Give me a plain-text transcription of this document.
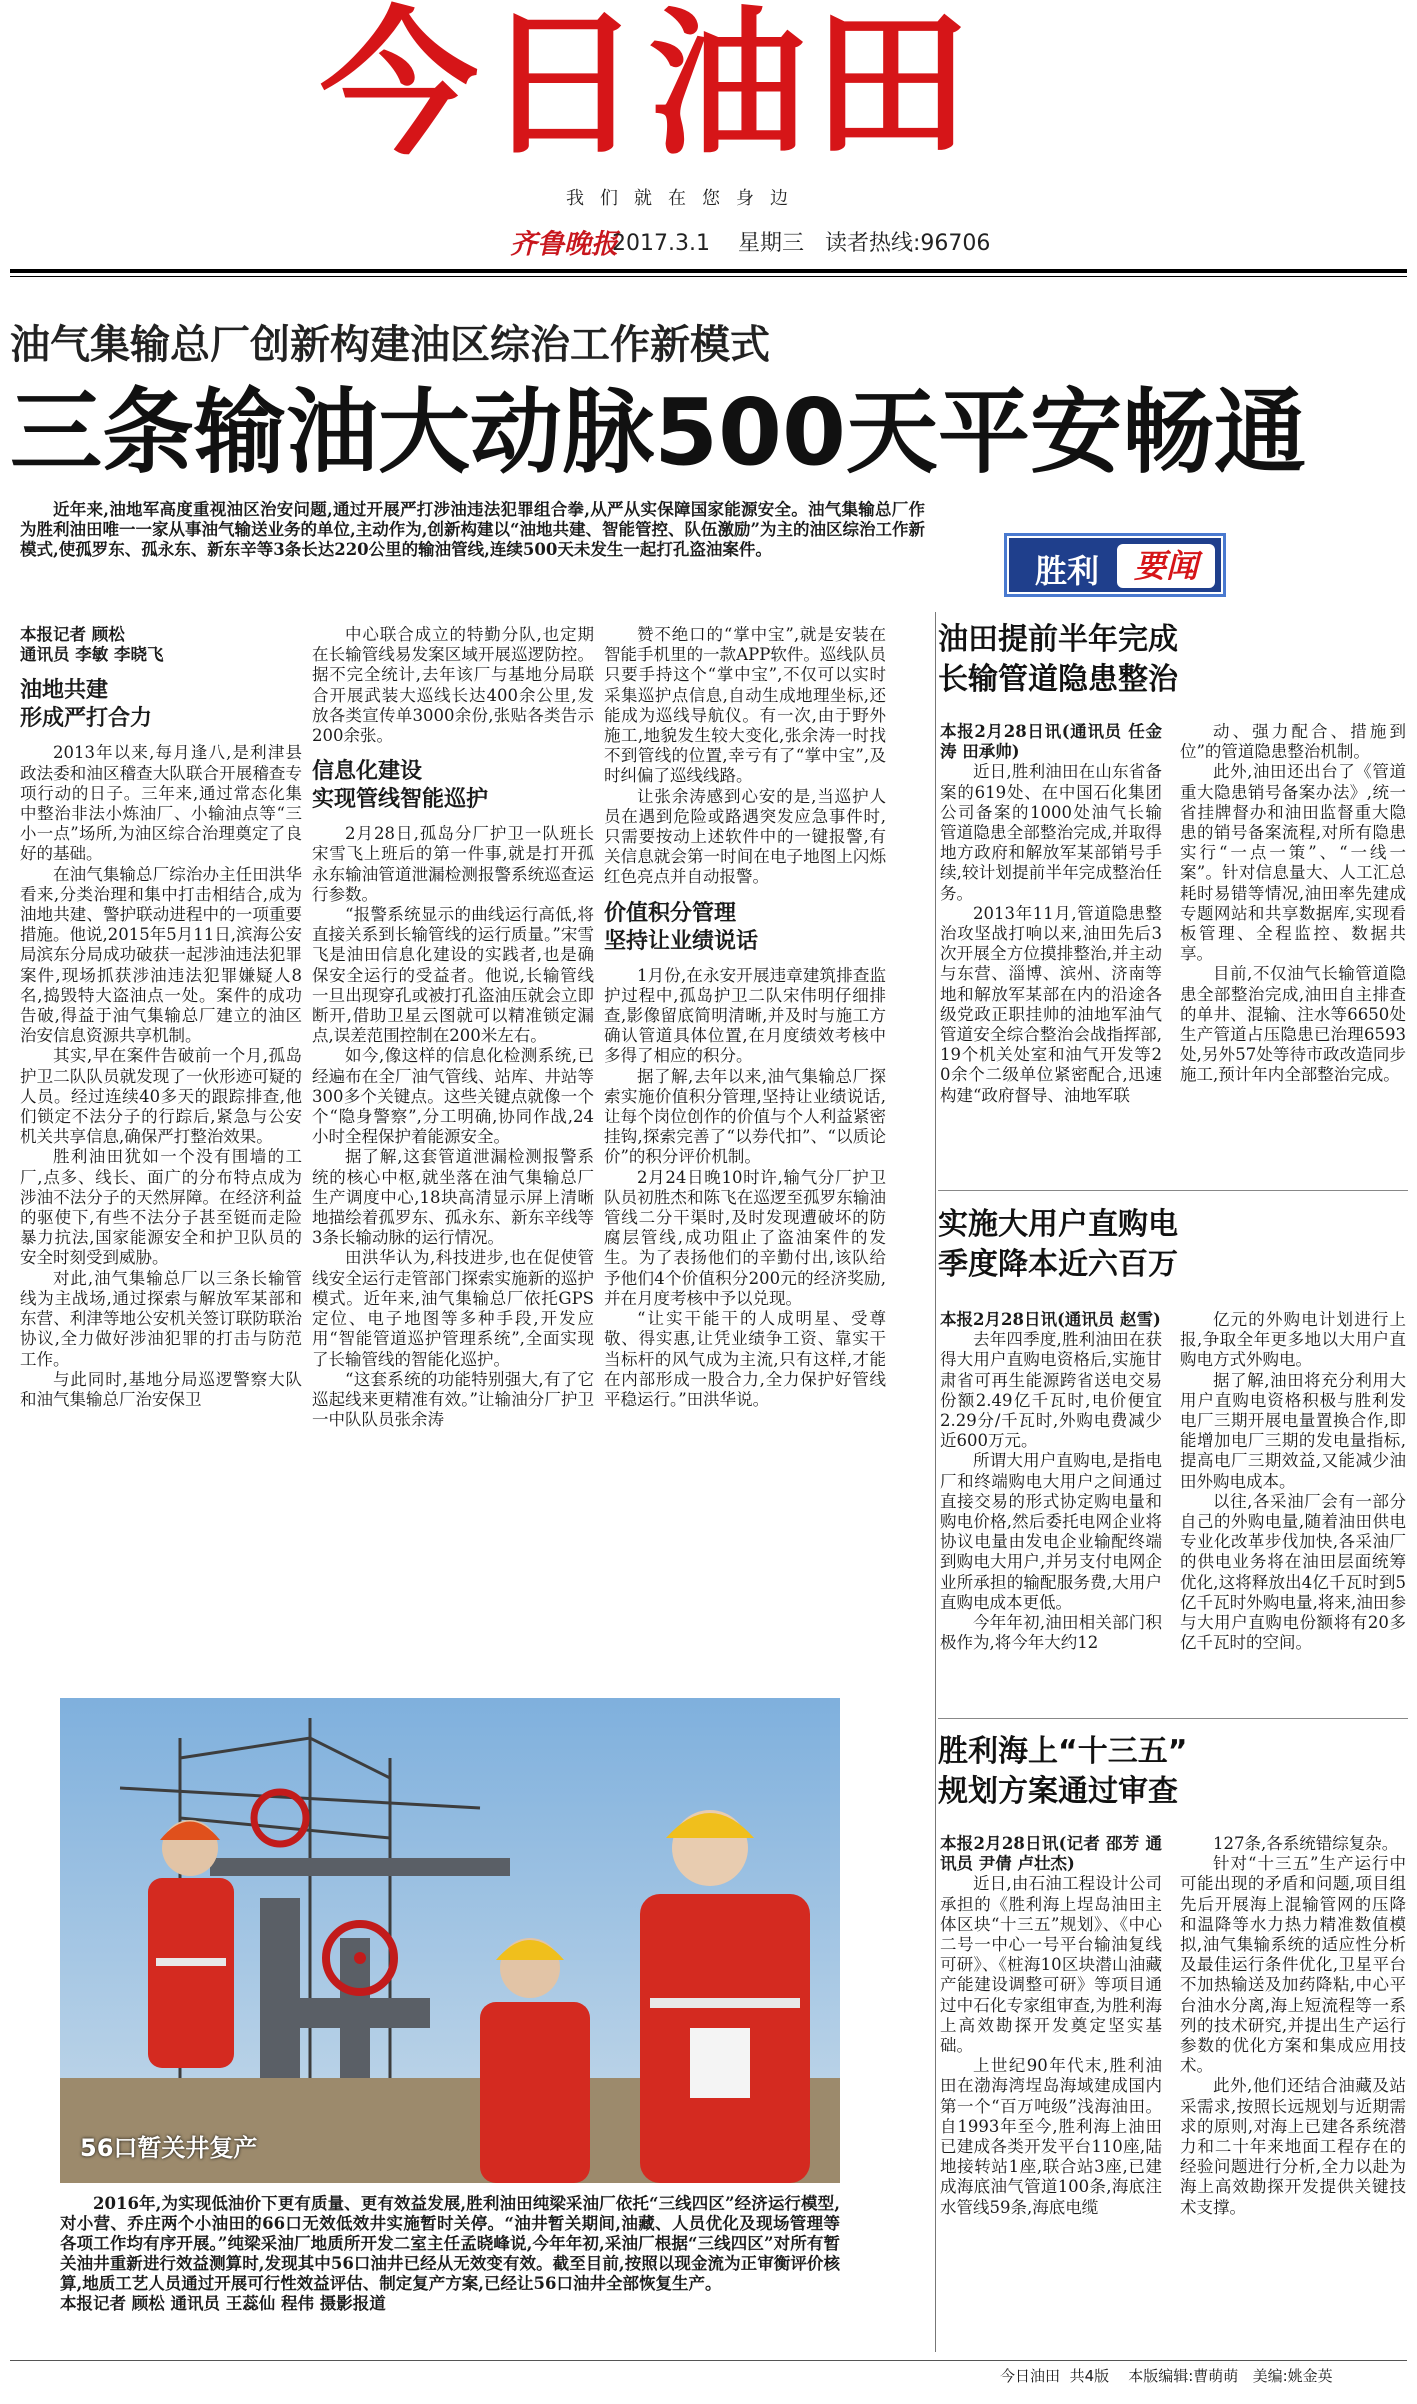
今日油田
我们就在您身边
齐鲁晚报
2017.3.1 星期三 读者热线:96706
油气集输总厂创新构建油区综治工作新模式
三条输油大动脉500天平安畅通
近年来,油地军高度重视油区治安问题,通过开展严打涉油违法犯罪组合拳,从严从实保障国家能源安全。油气集输总厂作为胜利油田唯一一家从事油气输送业务的单位,主动作为,创新构建以“油地共建、智能管控、队伍激励”为主的油区综治工作新模式,使孤罗东、孤永东、新东辛等3条长达220公里的输油管线,连续500天未发生一起打孔盗油案件。
胜利	要闻

本报记者 顾松

通讯员 李敏 李晓飞

油地共建
形成严打合力

2013年以来,每月逢八,是利津县政法委和油区稽查大队联合开展稽查专项行动的日子。三年来,通过常态化集中整治非法小炼油厂、小输油点等“三小一点”场所,为油区综合治理奠定了良好的基础。

在油气集输总厂综治办主任田洪华看来,分类治理和集中打击相结合,成为油地共建、警护联动进程中的一项重要措施。他说,2015年5月11日,滨海公安局滨东分局成功破获一起涉油违法犯罪案件,现场抓获涉油违法犯罪嫌疑人8名,捣毁特大盗油点一处。案件的成功告破,得益于油气集输总厂建立的油区治安信息资源共享机制。

其实,早在案件告破前一个月,孤岛护卫二队队员就发现了一伙形迹可疑的人员。经过连续40多天的跟踪排查,他们锁定不法分子的行踪后,紧急与公安机关共享信息,确保严打整治效果。

胜利油田犹如一个没有围墙的工厂,点多、线长、面广的分布特点成为涉油不法分子的天然屏障。在经济利益的驱使下,有些不法分子甚至铤而走险暴力抗法,国家能源安全和护卫队员的安全时刻受到威胁。

对此,油气集输总厂以三条长输管线为主战场,通过探索与解放军某部和东营、利津等地公安机关签订联防联治协议,全力做好涉油犯罪的打击与防范工作。

与此同时,基地分局巡逻警察大队和油气集输总厂治安保卫

中心联合成立的特勤分队,也定期在长输管线易发案区域开展巡逻防控。据不完全统计,去年该厂与基地分局联合开展武装大巡线长达400余公里,发放各类宣传单3000余份,张贴各类告示200余张。

信息化建设
实现管线智能巡护

2月28日,孤岛分厂护卫一队班长宋雪飞上班后的第一件事,就是打开孤永东输油管道泄漏检测报警系统巡查运行参数。

“报警系统显示的曲线运行高低,将直接关系到长输管线的运行质量。”宋雪飞是油田信息化建设的实践者,也是确保安全运行的受益者。他说,长输管线一旦出现穿孔或被打孔盗油压就会立即断开,借助卫星云图就可以精准锁定漏点,误差范围控制在200米左右。

如今,像这样的信息化检测系统,已经遍布在全厂油气管线、站库、井站等300多个关键点。这些关键点就像一个个“隐身警察”,分工明确,协同作战,24小时全程保护着能源安全。

据了解,这套管道泄漏检测报警系统的核心中枢,就坐落在油气集输总厂生产调度中心,18块高清显示屏上清晰地描绘着孤罗东、孤永东、新东辛线等3条长输动脉的运行情况。

田洪华认为,科技进步,也在促使管线安全运行走管部门探索实施新的巡护模式。近年来,油气集输总厂依托GPS定位、电子地图等多种手段,开发应用“智能管道巡护管理系统”,全面实现了长输管线的智能化巡护。

“这套系统的功能特别强大,有了它巡起线来更精准有效。”让输油分厂护卫一中队队员张余涛

赞不绝口的“掌中宝”,就是安装在智能手机里的一款APP软件。巡线队员只要手持这个“掌中宝”,不仅可以实时采集巡护点信息,自动生成地理坐标,还能成为巡线导航仪。有一次,由于野外施工,地貌发生较大变化,张余涛一时找不到管线的位置,幸亏有了“掌中宝”,及时纠偏了巡线线路。

让张余涛感到心安的是,当巡护人员在遇到危险或路遇突发应急事件时,只需要按动上述软件中的一键报警,有关信息就会第一时间在电子地图上闪烁红色亮点并自动报警。

价值积分管理
坚持让业绩说话

1月份,在永安开展违章建筑排查监护过程中,孤岛护卫二队宋伟明仔细排查,影像留底简明清晰,并及时与施工方确认管道具体位置,在月度绩效考核中多得了相应的积分。

据了解,去年以来,油气集输总厂探索实施价值积分管理,坚持让业绩说话,让每个岗位创作的价值与个人利益紧密挂钩,探索完善了“以券代扣”、“以质论价”的积分评价机制。

2月24日晚10时许,输气分厂护卫队员初胜杰和陈飞在巡逻至孤罗东输油管线二分干渠时,及时发现遭破坏的防腐层管线,成功阻止了盗油案件的发生。为了表扬他们的辛勤付出,该队给予他们4个价值积分200元的经济奖励,并在月度考核中予以兑现。

“让实干能干的人成明星、受尊敬、得实惠,让凭业绩争工资、靠实干当标杆的风气成为主流,只有这样,才能在内部形成一股合力,全力保护好管线平稳运行。”田洪华说。

油田提前半年完成
长输管道隐患整治

本报2月28日讯(通讯员 任金涛 田承帅)

近日,胜利油田在山东省备案的619处、在中国石化集团公司备案的1000处油气长输管道隐患全部整治完成,并取得地方政府和解放军某部销号手续,较计划提前半年完成整治任务。

2013年11月,管道隐患整治攻坚战打响以来,油田先后3次开展全方位摸排整治,并主动与东营、淄博、滨州、济南等地和解放军某部在内的沿途各级党政正职挂帅的油地军油气管道安全综合整治会战指挥部,19个机关处室和油气开发等20余个二级单位紧密配合,迅速构建“政府督导、油地军联

动、强力配合、措施到位”的管道隐患整治机制。

此外,油田还出台了《管道重大隐患销号备案办法》,统一省挂牌督办和油田监督重大隐患的销号备案流程,对所有隐患实行“一点一策”、“一线一案”。针对信息量大、人工汇总耗时易错等情况,油田率先建成专题网站和共享数据库,实现看板管理、全程监控、数据共享。

目前,不仅油气长输管道隐患全部整治完成,油田自主排查的单井、混输、注水等6650处生产管道占压隐患已治理6593处,另外57处等待市政改造同步施工,预计年内全部整治完成。

实施大用户直购电
季度降本近六百万

本报2月28日讯(通讯员 赵雪)

去年四季度,胜利油田在获得大用户直购电资格后,实施甘肃省可再生能源跨省送电交易份额2.49亿千瓦时,电价便宜2.29分/千瓦时,外购电费减少近600万元。

所谓大用户直购电,是指电厂和终端购电大用户之间通过直接交易的形式协定购电量和购电价格,然后委托电网企业将协议电量由发电企业输配终端到购电大用户,并另支付电网企业所承担的输配服务费,大用户直购电成本更低。

今年年初,油田相关部门积极作为,将今年大约12

亿元的外购电计划进行上报,争取全年更多地以大用户直购电方式外购电。

据了解,油田将充分利用大用户直购电资格积极与胜利发电厂三期开展电量置换合作,即能增加电厂三期的发电量指标,提高电厂三期效益,又能减少油田外购电成本。

以往,各采油厂会有一部分自己的外购电量,随着油田供电专业化改革步伐加快,各采油厂的供电业务将在油田层面统筹优化,这将释放出4亿千瓦时到5亿千瓦时外购电量,将来,油田参与大用户直购电份额将有20多亿千瓦时的空间。

胜利海上“十三五”
规划方案通过审查

本报2月28日讯(记者 邵芳 通讯员 尹倩 卢壮杰)

近日,由石油工程设计公司承担的《胜利海上埕岛油田主体区块“十三五”规划》、《中心二号一中心一号平台输油复线可研》、《桩海10区块潜山油藏产能建设调整可研》等项目通过中石化专家组审查,为胜利海上高效勘探开发奠定坚实基础。

上世纪90年代末,胜利油田在渤海湾埕岛海域建成国内第一个“百万吨级”浅海油田。自1993年至今,胜利海上油田已建成各类开发平台110座,陆地接转站1座,联合站3座,已建成海底油气管道100条,海底注水管线59条,海底电缆

127条,各系统错综复杂。

针对“十三五”生产运行中可能出现的矛盾和问题,项目组先后开展海上混输管网的压降和温降等水力热力精准数值模拟,油气集输系统的适应性分析及最佳运行条件优化,卫星平台不加热输送及加药降粘,中心平台油水分离,海上短流程等一系列的技术研究,并提出生产运行参数的优化方案和集成应用技术。

此外,他们还结合油藏及站采需求,按照长远规划与近期需求的原则,对海上已建各系统潜力和二十年来地面工程存在的经验问题进行分析,全力以赴为海上高效勘探开发提供关键技术支撑。

56口暂关井复产
2016年,为实现低油价下更有质量、更有效益发展,胜利油田纯梁采油厂依托“三线四区”经济运行模型,对小营、乔庄两个小油田的66口无效低效井实施暂时关停。“油井暂关期间,油藏、人员优化及现场管理等各项工作均有序开展。”纯梁采油厂地质所开发二室主任孟晓峰说,今年年初,采油厂根据“三线四区”对所有暂关油井重新进行效益测算时,发现其中56口油井已经从无效变有效。截至目前,按照以现金流为正审衡评价核算,地质工艺人员通过开展可行性效益评估、制定复产方案,已经让56口油井全部恢复生产。
本报记者 顾松 通讯员 王蕊仙 程伟 摄影报道
今日油田 共4版 本版编辑:曹萌萌 美编:姚金英
